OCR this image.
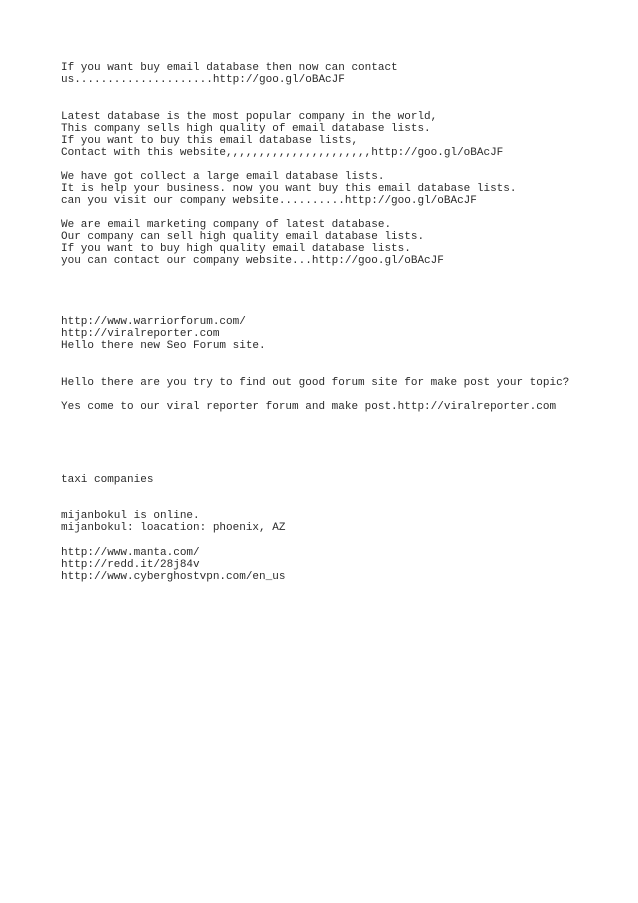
If you want buy email database then now can contact

us.....................http://goo.gl/oBAcJF

Latest database is the most popular company in the world,

This company sells high quality of email database lists.

If you want to buy this email database lists,

Contact with this website,,,,,,,,,,,,,,,,,,,,,,http://goo.gl/oBAcJF

We have got collect a large email database lists.

It is help your business. now you want buy this email database lists.

can you visit our company website..........http://goo.gl/oBAcJF

We are email marketing company of latest database.

Our company can sell high quality email database lists.

If you want to buy high quality email database lists.

you can contact our company website...http://goo.gl/oBAcJF

http://www.warriorforum.com/

http://viralreporter.com

Hello there new Seo Forum site.

Hello there are you try to find out good forum site for make post your topic?

Yes come to our viral reporter forum and make post.http://viralreporter.com

taxi companies

mijanbokul is online.

mijanbokul: loacation: phoenix, AZ

http://www.manta.com/

http://redd.it/28j84v

http://www.cyberghostvpn.com/en_us
